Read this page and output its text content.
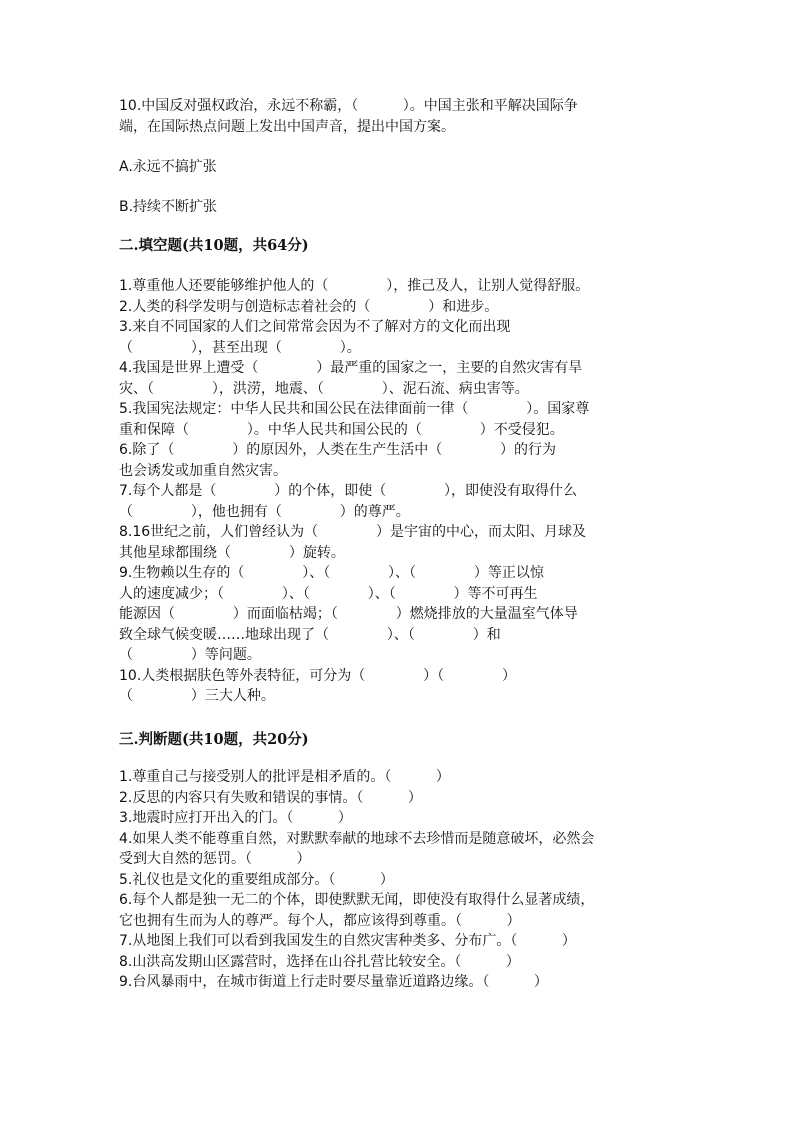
10.中国反对强权政治，永远不称霸，（          ）。中国主张和平解决国际争
端，在国际热点问题上发出中国声音，提出中国方案。
A.永远不搞扩张
B.持续不断扩张
二.填空题(共10题，共64分)
1.尊重他人还要能够维护他人的（             ），推己及人，让别人觉得舒服。
2.人类的科学发明与创造标志着社会的（             ）和进步。
3.来自不同国家的人们之间常常会因为不了解对方的文化而出现
（             ），甚至出现（             ）。
4.我国是世界上遭受（             ）最严重的国家之一，主要的自然灾害有旱
灾、（             ），洪涝，地震、（             ）、泥石流、病虫害等。
5.我国宪法规定：中华人民共和国公民在法律面前一律（             ）。国家尊
重和保障（             ）。中华人民共和国公民的（             ）不受侵犯。
6.除了（             ）的原因外，人类在生产生活中（             ）的行为
也会诱发或加重自然灾害。
7.每个人都是（             ）的个体，即使（             ），即使没有取得什么
（             ），他也拥有（             ）的尊严。
8.16世纪之前，人们曾经认为（             ）是宇宙的中心，而太阳、月球及
其他星球都围绕（             ）旋转。
9.生物赖以生存的（             ）、（             ）、（             ）等正以惊
人的速度减少；（             ）、（             ）、（             ）等不可再生
能源因（             ）而面临枯竭；（             ）燃烧排放的大量温室气体导
致全球气候变暖……地球出现了（             ）、（             ）和
（             ）等问题。
10.人类根据肤色等外表特征，可分为（             ）（             ）
（             ）三大人种。
三.判断题(共10题，共20分)
1.尊重自己与接受别人的批评是相矛盾的。（          ）
2.反思的内容只有失败和错误的事情。（          ）
3.地震时应打开出入的门。（          ）
4.如果人类不能尊重自然，对默默奉献的地球不去珍惜而是随意破坏，必然会
受到大自然的惩罚。（          ）
5.礼仪也是文化的重要组成部分。（          ）
6.每个人都是独一无二的个体，即使默默无闻，即使没有取得什么显著成绩，
它也拥有生而为人的尊严。每个人，都应该得到尊重。（          ）
7.从地图上我们可以看到我国发生的自然灾害种类多、分布广。（          ）
8.山洪高发期山区露营时，选择在山谷扎营比较安全。（          ）
9.台风暴雨中，在城市街道上行走时要尽量靠近道路边缘。（          ）
